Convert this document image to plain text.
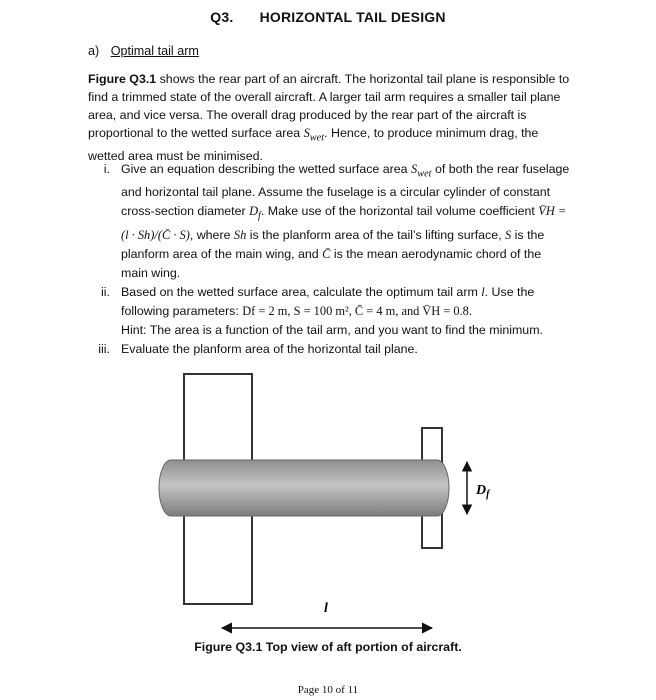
Q3. HORIZONTAL TAIL DESIGN
a) Optimal tail arm

Figure Q3.1 shows the rear part of an aircraft. The horizontal tail plane is responsible to find a trimmed state of the overall aircraft. A larger tail arm requires a smaller tail plane area, and vice versa. The overall drag produced by the rear part of the aircraft is proportional to the wetted surface area $S_{wet}$. Hence, to produce minimum drag, the wetted area must be minimised.

i. Give an equation describing the wetted surface area $S_{wet}$ of both the rear fuselage and horizontal tail plane. Assume the fuselage is a circular cylinder of constant cross-section diameter $D_f$. Make use of the horizontal tail volume coefficient V̄H = (l · Sh)/(C̄ · S), where Sh is the planform area of the tail’s lifting surface, S is the planform area of the main wing, and C̄ is the mean aerodynamic chord of the main wing.

ii. Based on the wetted surface area, calculate the optimum tail arm l. Use the following parameters: Df = 2 m, S = 100 m², C̄ = 4 m, and V̄H = 0.8.

Hint: The area is a function of the tail arm, and you want to find the minimum.

iii. Evaluate the planform area of the horizontal tail plane.

$D_f$
l
Figure Q3.1 Top view of aft portion of aircraft.
Page 10 of 11
